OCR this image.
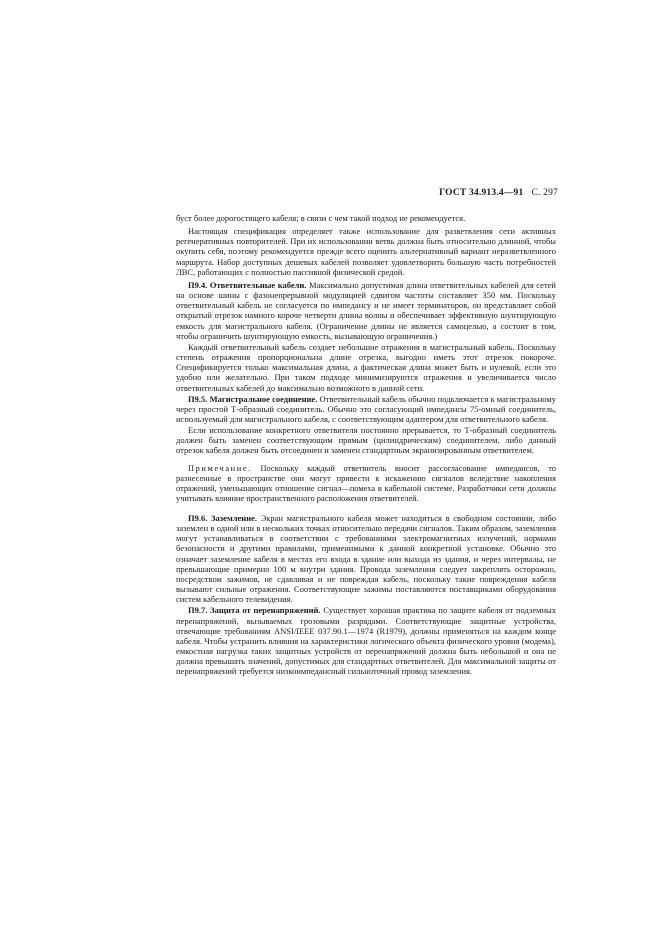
ГОСТ 34.913.4—91 С. 297

буст более дорогостящего кабеля; в связи с чем такой подход не рекомендуется.

Настоящая спецификация определяет также использование для разветвления сети активных регенеративных повторителей. При их использовании ветвь должна быть относительно длинной, чтобы окупить себя, поэтому рекомендуется прежде всего оценить альтернативный вариант неразветвленного маршрута. Набор доступных дешевых кабелей позволяет удовлетворить большую часть потребностей ЛВС, работающих с полностью пассивной физической средой.

П9.4. Ответвительные кабели. Максимально допустимая длина ответвительных кабелей для сетей на основе шины с фазонепрерывной модуляцией сдвигом частоты составляет 350 мм. Поскольку ответвительный кабель не согласуется по импедансу и не имеет терминаторов, он представляет собой открытый отрезок намного короче четверти длины волны и обеспечивает эффективную шунтирующую емкость для магистрального кабеля. (Ограничение длины не является самоцелью, а состоит в том, чтобы ограничить шунтирующую емкость, вызывающую ограничения.)

Каждый ответвительный кабель создает небольшие отражения в магистральный кабель. Поскольку степень отражения пропорциональна длине отрезка, выгодно иметь этот отрезок покороче. Спецификируется только максимальная длина, а фактическая длина может быть и нулевой, если это удобно или желательно. При таком подходе минимизируются отражения и увеличивается число ответвительных кабелей до максимально возможного в данной сети.

П9.5. Магистральное соединение. Ответвительный кабель обычно подключается к магистральному через простой Т-образный соединитель. Обычно это согласующий импедансы 75-омный соединитель, используемый для магистрального кабеля, с соответствующим адаптером для ответвительного кабеля.

Если использование конкретного ответвителя постоянно прерывается, то Т-образный соединитель должен быть заменен соответствующим прямым (цилиндрическим) соединителем, либо данный отрезок кабеля должен быть отсоединен и заменен стандартным экранизированным ответвителем.

Примечание. Поскольку каждый ответвитель вносит рассогласование импедансов, то разнесенные в пространстве они могут привести к искажению сигналов вследствие накопления отражений, уменьшающих отношение сигнал—помеха в кабельной системе. Разработчики сети должны учитывать влияние пространственного расположения ответвителей.

П9.6. Заземление. Экран магистрального кабеля может находиться в свободном состоянии, либо заземлен в одной или в нескольких точках относительно передачи сигналов. Таким образом, заземления могут устанавливаться в соответствии с требованиями электромагнитных излучений, нормами безопасности и другими правилами, применимыми к данной конкретной установке. Обычно это означает заземление кабеля в местах его входа в здание или выхода из здания, и через интервалы, не превышающие примерно 100 м внутри здания. Провода заземления следует закреплять осторожно, посредством зажимов, не сдавливая и не повреждая кабель, поскольку такие повреждения кабеля вызывают сильные отражения. Соответствующие зажимы поставляются поставщиками оборудования систем кабельного телевидения.

П9.7. Защита от перенапряжений. Существует хорошая практика по защите кабеля от подземных перенапряжений, вызываемых грозовыми разрядами. Соответствующие защитные устройства, отвечающие требованиям ANSI/IEEE 037.90.1—1974 (R1979), должны применяться на каждом конце кабеля. Чтобы устранить влияния на характеристики логического объекта физического уровня (модема), емкостная нагрузка таких защитных устройств от перенапряжений должна быть небольшой и она не должна превышать значений, допустимых для стандартных ответвителей. Для максимальной защиты от перенапряжений требуется низкоимпедансный сильноточный провод заземления.
